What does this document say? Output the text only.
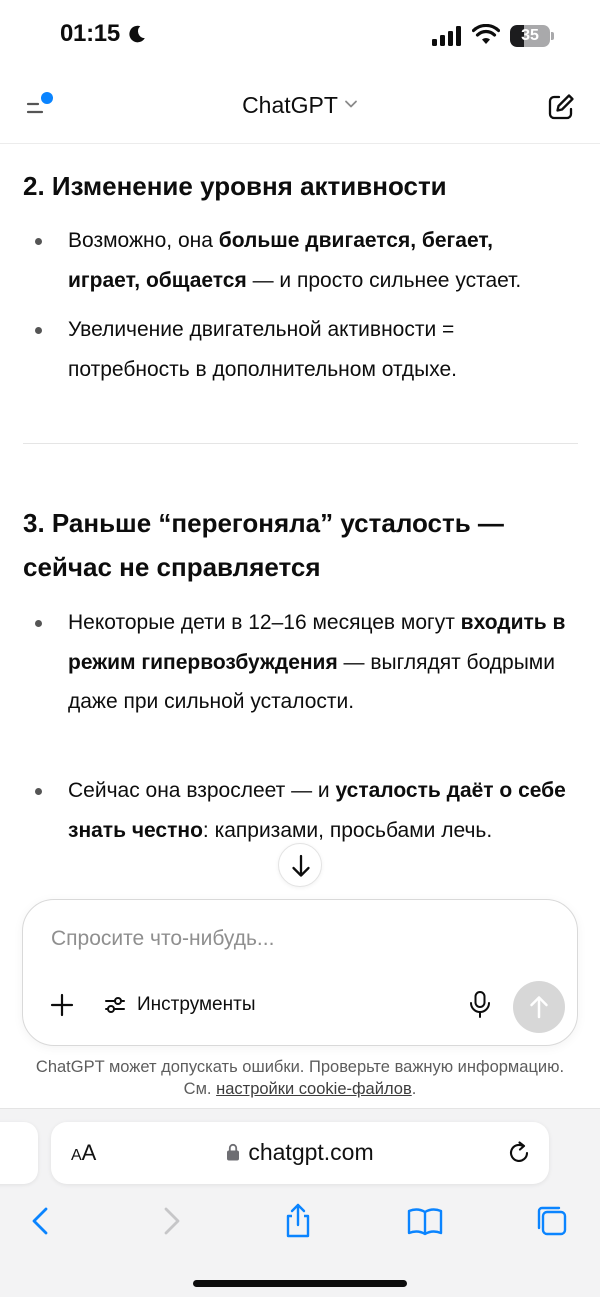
01:15	35
ChatGPT
2. Изменение уровня активности
Возможно, она больше двигается, бегает, играет, общается — и просто сильнее устает.
Увеличение двигательной активности = потребность в дополнительном отдыхе.
3. Раньше “перегоняла” усталость — сейчас не справляется
Некоторые дети в 12–16 месяцев могут входить в режим гипервозбуждения — выглядят бодрыми даже при сильной усталости.
Сейчас она взрослеет — и усталость даёт о себе знать честно: капризами, просьбами лечь.
Спросите что-нибудь...
Инструменты
ChatGPT может допускать ошибки. Проверьте важную информацию.
См. настройки cookie-файлов.
AA	chatgpt.com
